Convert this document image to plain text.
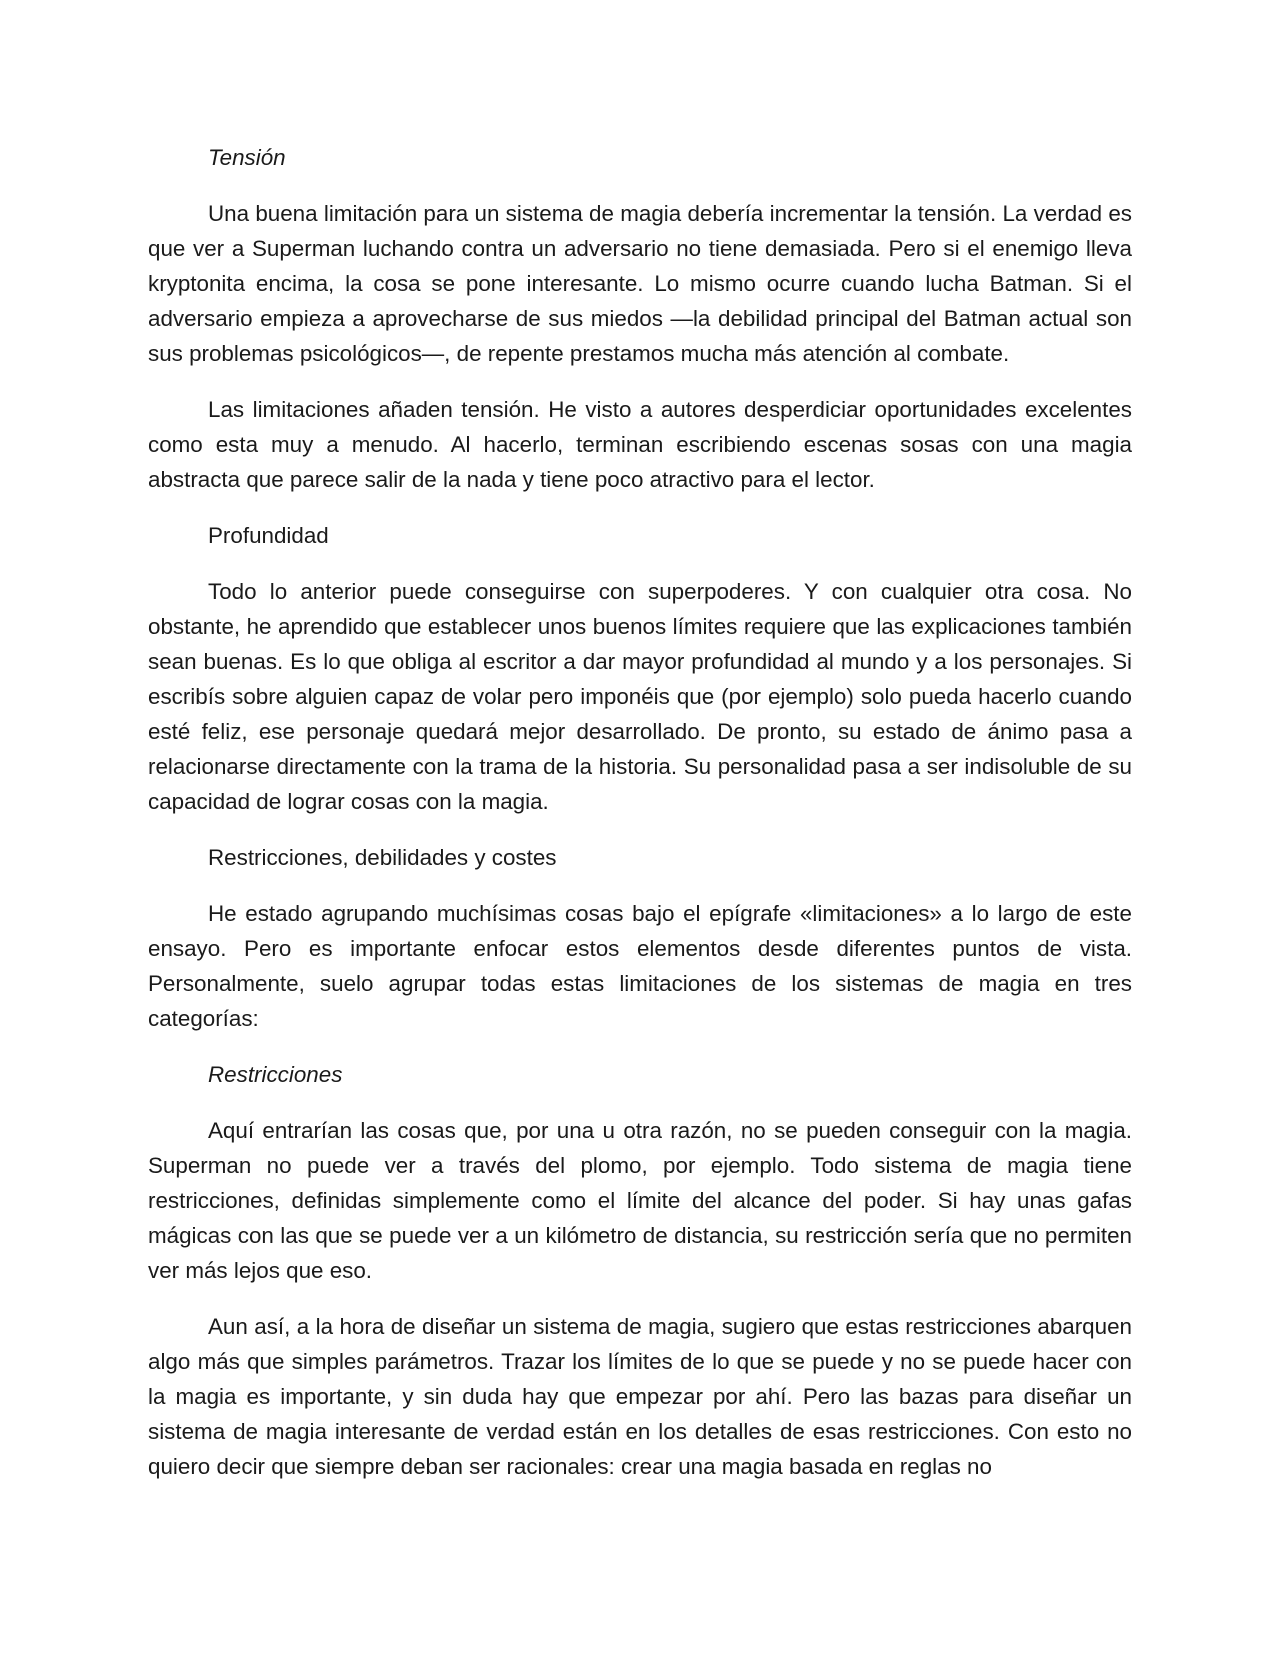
Tensión

Una buena limitación para un sistema de magia debería incrementar la tensión. La verdad es que ver a Superman luchando contra un adversario no tiene demasiada. Pero si el enemigo lleva kryptonita encima, la cosa se pone interesante. Lo mismo ocurre cuando lucha Batman. Si el adversario empieza a aprovecharse de sus miedos —la debilidad principal del Batman actual son sus problemas psicológicos—, de repente prestamos mucha más atención al combate.

Las limitaciones añaden tensión. He visto a autores desperdiciar oportunidades excelentes como esta muy a menudo. Al hacerlo, terminan escribiendo escenas sosas con una magia abstracta que parece salir de la nada y tiene poco atractivo para el lector.

Profundidad

Todo lo anterior puede conseguirse con superpoderes. Y con cualquier otra cosa. No obstante, he aprendido que establecer unos buenos límites requiere que las explicaciones también sean buenas. Es lo que obliga al escritor a dar mayor profundidad al mundo y a los personajes. Si escribís sobre alguien capaz de volar pero imponéis que (por ejemplo) solo pueda hacerlo cuando esté feliz, ese personaje quedará mejor desarrollado. De pronto, su estado de ánimo pasa a relacionarse directamente con la trama de la historia. Su personalidad pasa a ser indisoluble de su capacidad de lograr cosas con la magia.

Restricciones, debilidades y costes

He estado agrupando muchísimas cosas bajo el epígrafe «limitaciones» a lo largo de este ensayo. Pero es importante enfocar estos elementos desde diferentes puntos de vista. Personalmente, suelo agrupar todas estas limitaciones de los sistemas de magia en tres categorías:

Restricciones

Aquí entrarían las cosas que, por una u otra razón, no se pueden conseguir con la magia. Superman no puede ver a través del plomo, por ejemplo. Todo sistema de magia tiene restricciones, definidas simplemente como el límite del alcance del poder. Si hay unas gafas mágicas con las que se puede ver a un kilómetro de distancia, su restricción sería que no permiten ver más lejos que eso.

Aun así, a la hora de diseñar un sistema de magia, sugiero que estas restricciones abarquen algo más que simples parámetros. Trazar los límites de lo que se puede y no se puede hacer con la magia es importante, y sin duda hay que empezar por ahí. Pero las bazas para diseñar un sistema de magia interesante de verdad están en los detalles de esas restricciones. Con esto no quiero decir que siempre deban ser racionales: crear una magia basada en reglas no
